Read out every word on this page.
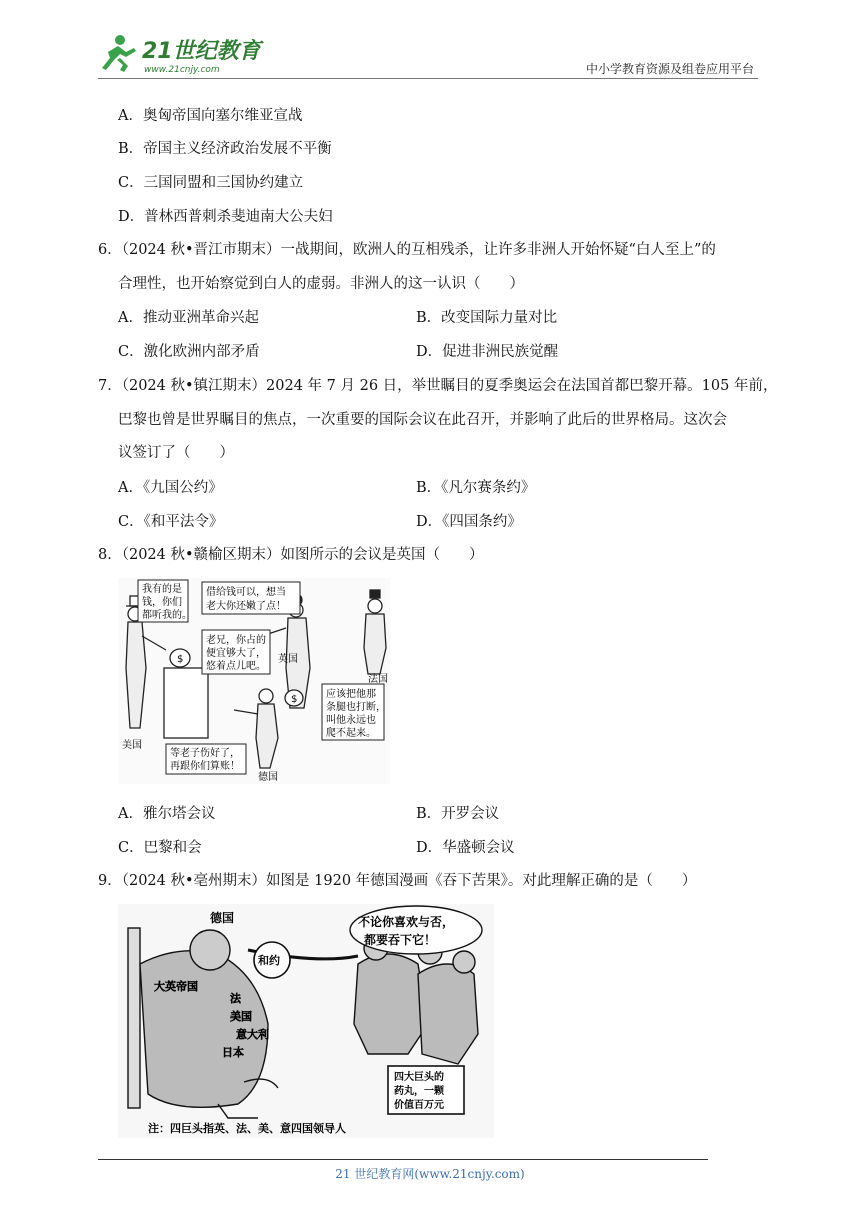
21世纪教育
www.21cnjy.com	中小学教育资源及组卷应用平台
A．奥匈帝国向塞尔维亚宣战
B．帝国主义经济政治发展不平衡
C．三国同盟和三国协约建立
D．普林西普刺杀斐迪南大公夫妇
6．（2024 秋•晋江市期末）一战期间，欧洲人的互相残杀，让许多非洲人开始怀疑“白人至上”的
合理性，也开始察觉到白人的虚弱。非洲人的这一认识（　　）
A．推动亚洲革命兴起	B．改变国际力量对比
C．激化欧洲内部矛盾	D．促进非洲民族觉醒
7．（2024 秋•镇江期末）2024 年 7 月 26 日，举世瞩目的夏季奥运会在法国首都巴黎开幕。105 年前，
巴黎也曾是世界瞩目的焦点，一次重要的国际会议在此召开，并影响了此后的世界格局。这次会
议签订了（　　）
A．《九国公约》	B．《凡尔赛条约》
C．《和平法令》	D．《四国条约》
8．（2024 秋•赣榆区期末）如图所示的会议是英国（　　）
$
$
我有的是
钱，你们
都听我的。
借给钱可以，想当
老大你还嫩了点！
老兄，你占的
便宜够大了，
悠着点儿吧。
应该把他那
条腿也打断，
叫他永远也
爬不起来。
等老子伤好了，
再跟你们算账！
美国
英国
法国
德国
A．雅尔塔会议	B．开罗会议
C．巴黎和会	D．华盛顿会议
9．（2024 秋•亳州期末）如图是 1920 年德国漫画《吞下苦果》。对此理解正确的是（　　）
和约
德国
大英帝国
法
美国
意大利
日本
不论你喜欢与否，
都要吞下它！
四大巨头的
药丸，一颗
价值百万元
注：四巨头指英、法、美、意四国领导人
21 世纪教育网(www.21cnjy.com)
